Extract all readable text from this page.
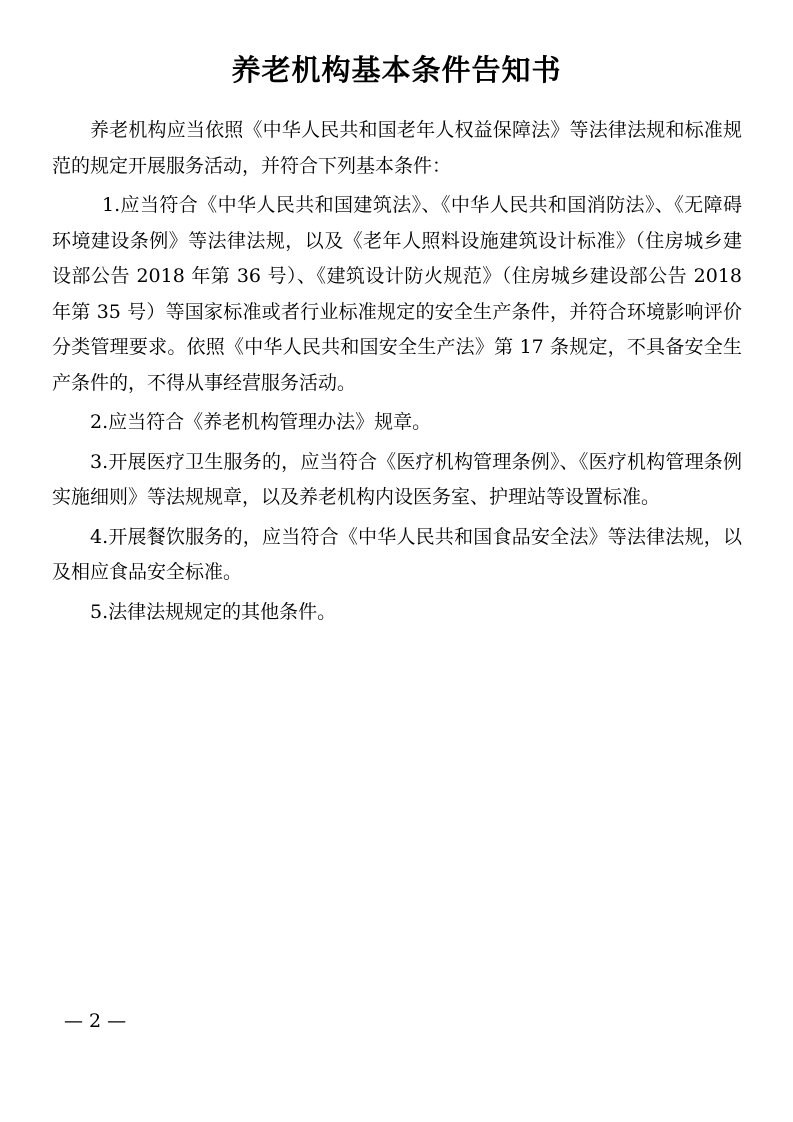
养老机构基本条件告知书

养老机构应当依照《中华人民共和国老年人权益保障法》等法律法规和标准规范的规定开展服务活动，并符合下列基本条件：

1.应当符合《中华人民共和国建筑法》、《中华人民共和国消防法》、《无障碍环境建设条例》等法律法规，以及《老年人照料设施建筑设计标准》（住房城乡建设部公告 2018 年第 36 号）、《建筑设计防火规范》（住房城乡建设部公告 2018 年第 35 号）等国家标准或者行业标准规定的安全生产条件，并符合环境影响评价分类管理要求。依照《中华人民共和国安全生产法》第 17 条规定，不具备安全生产条件的，不得从事经营服务活动。

2.应当符合《养老机构管理办法》规章。

3.开展医疗卫生服务的，应当符合《医疗机构管理条例》、《医疗机构管理条例实施细则》等法规规章，以及养老机构内设医务室、护理站等设置标准。

4.开展餐饮服务的，应当符合《中华人民共和国食品安全法》等法律法规，以及相应食品安全标准。

5.法律法规规定的其他条件。

— 2 —
